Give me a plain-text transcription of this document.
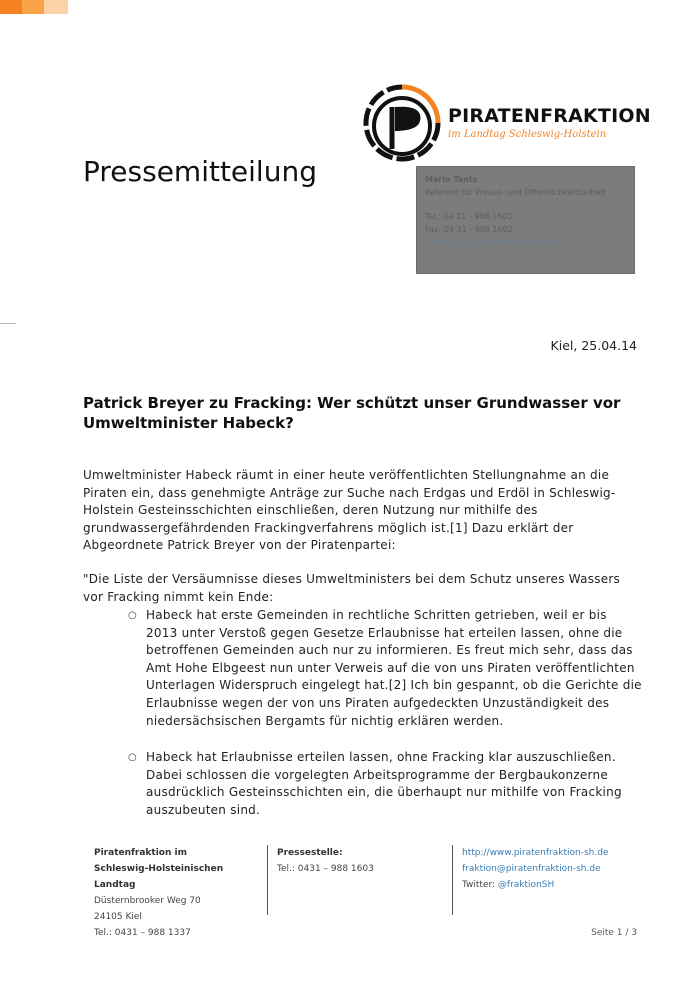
PIRATENFRAKTION
im Landtag Schleswig-Holstein
Pressemitteilung	Mario Tants
Referent für Presse- und Öffentlichkeitsarbeit
Tel.: 04 31 - 988 1603
Fax: 04 31 - 988 1602
mario.tants@piratenfraktion-sh.de
Kiel, 25.04.14
Patrick Breyer zu Fracking: Wer schützt unser Grundwasser vor Umweltminister Habeck?

Umweltminister Habeck räumt in einer heute veröffentlichten Stellungnahme an die Piraten ein, dass genehmigte Anträge zur Suche nach Erdgas und Erdöl in Schleswig-Holstein Gesteinsschichten einschließen, deren Nutzung nur mithilfe des grundwassergefährdenden Frackingverfahrens möglich ist.[1] Dazu erklärt der Abgeordnete Patrick Breyer von der Piratenpartei:

"Die Liste der Versäumnisse dieses Umweltministers bei dem Schutz unseres Wassers vor Fracking nimmt kein Ende:

○ Habeck hat erste Gemeinden in rechtliche Schritten getrieben, weil er bis 2013 unter Verstoß gegen Gesetze Erlaubnisse hat erteilen lassen, ohne die betroffenen Gemeinden auch nur zu informieren. Es freut mich sehr, dass das Amt Hohe Elbgeest nun unter Verweis auf die von uns Piraten veröffentlichten Unterlagen Widerspruch eingelegt hat.[2] Ich bin gespannt, ob die Gerichte die Erlaubnisse wegen der von uns Piraten aufgedeckten Unzuständigkeit des niedersächsischen Bergamts für nichtig erklären werden.
○ Habeck hat Erlaubnisse erteilen lassen, ohne Fracking klar auszuschließen. Dabei schlossen die vorgelegten Arbeitsprogramme der Bergbaukonzerne ausdrücklich Gesteinsschichten ein, die überhaupt nur mithilfe von Fracking auszubeuten sind.
Piratenfraktion im
Schleswig-Holsteinischen Landtag
Düsternbrooker Weg 70
24105 Kiel
Tel.: 0431 – 988 1337
Pressestelle:
Tel.: 0431 – 988 1603
http://www.piratenfraktion-sh.de
fraktion@piratenfraktion-sh.de
Twitter: @fraktionSH
Seite 1 / 3
